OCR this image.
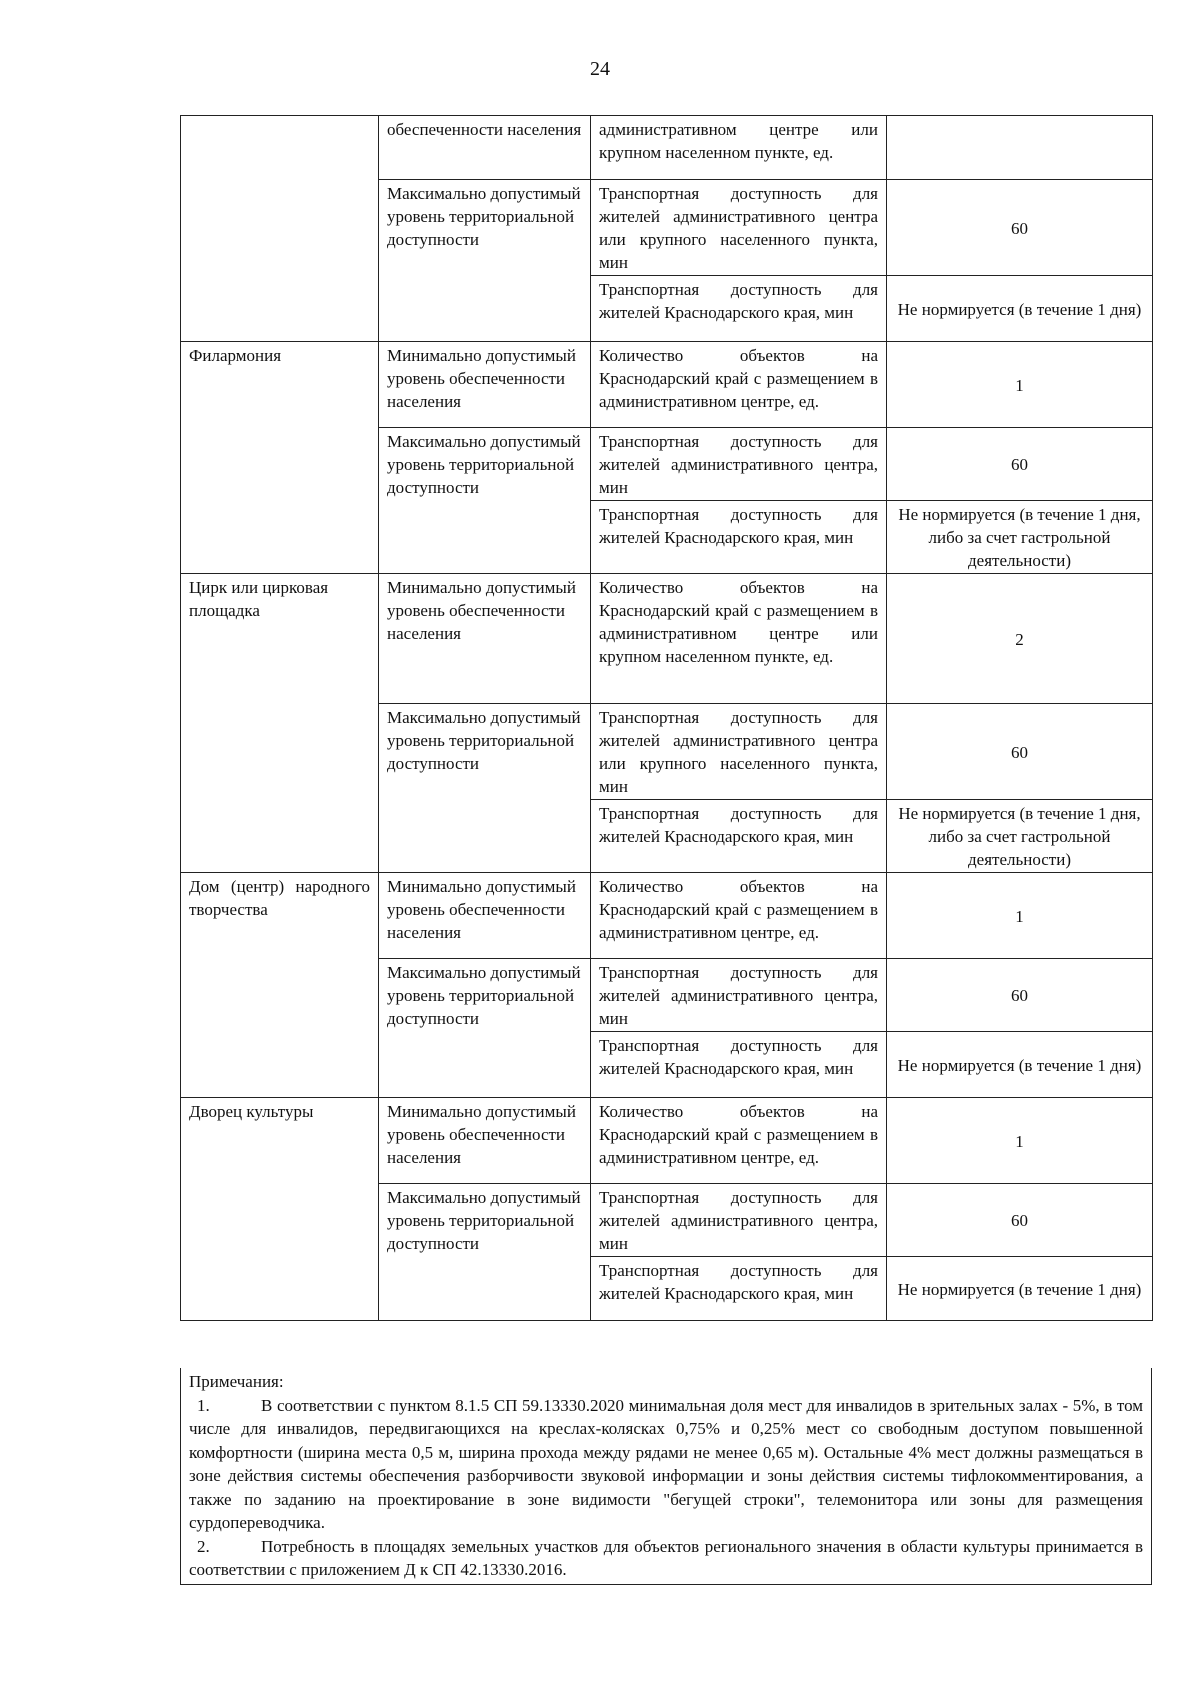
24
	обеспеченности населения	административном центре или крупном населенном пункте, ед.	

	Максимально допустимый уровень территориальной доступности	Транспортная доступность для жителей административного центра или крупного населенного пункта, мин	60

		Транспортная доступность для жителей Краснодарского края, мин	Не нормируется (в течение 1 дня)
Филармония	Минимально допустимый уровень обеспеченности населения	Количество объектов на Краснодарский край с размещением в административном центре, ед.	1
	Максимально допустимый уровень территориальной доступности	Транспортная доступность для жителей административного центра, мин	60

		Транспортная доступность для жителей Краснодарского края, мин	Не нормируется (в течение 1 дня, либо за счет гастрольной деятельности)
Цирк или цирковая площадка	Минимально допустимый уровень обеспеченности населения	Количество объектов на Краснодарский край с размещением в административном центре или крупном населенном пункте, ед.	2
	Максимально допустимый уровень территориальной доступности	Транспортная доступность для жителей административного центра или крупного населенного пункта, мин	60

		Транспортная доступность для жителей Краснодарского края, мин	Не нормируется (в течение 1 дня, либо за счет гастрольной деятельности)

Дом (центр) народного творчества	Минимально допустимый уровень обеспеченности населения	Количество объектов на Краснодарский край с размещением в административном центре, ед.	1
	Максимально допустимый уровень территориальной доступности	Транспортная доступность для жителей административного центра, мин	60

		Транспортная доступность для жителей Краснодарского края, мин	Не нормируется (в течение 1 дня)
Дворец культуры	Минимально допустимый уровень обеспеченности населения	Количество объектов на Краснодарский край с размещением в административном центре, ед.	1
	Максимально допустимый уровень территориальной доступности	Транспортная доступность для жителей административного центра, мин	60

		Транспортная доступность для жителей Краснодарского края, мин	Не нормируется (в течение 1 дня)

Примечания:

1.	В соответствии с пунктом 8.1.5 СП 59.13330.2020 минимальная доля мест для инвалидов в зрительных залах - 5%, в том числе для инвалидов, передвигающихся на креслах-колясках 0,75% и 0,25% мест со свободным доступом повышенной комфортности (ширина места 0,5 м, ширина прохода между рядами не менее 0,65 м). Остальные 4% мест должны размещаться в зоне действия системы обеспечения разборчивости звуковой информации и зоны действия системы тифлокомментирования, а также по заданию на проектирование в зоне видимости "бегущей строки", телемонитора или зоны для размещения сурдопереводчика.

2.	Потребность в площадях земельных участков для объектов регионального значения в области культуры принимается в соответствии с приложением Д к СП 42.13330.2016.
